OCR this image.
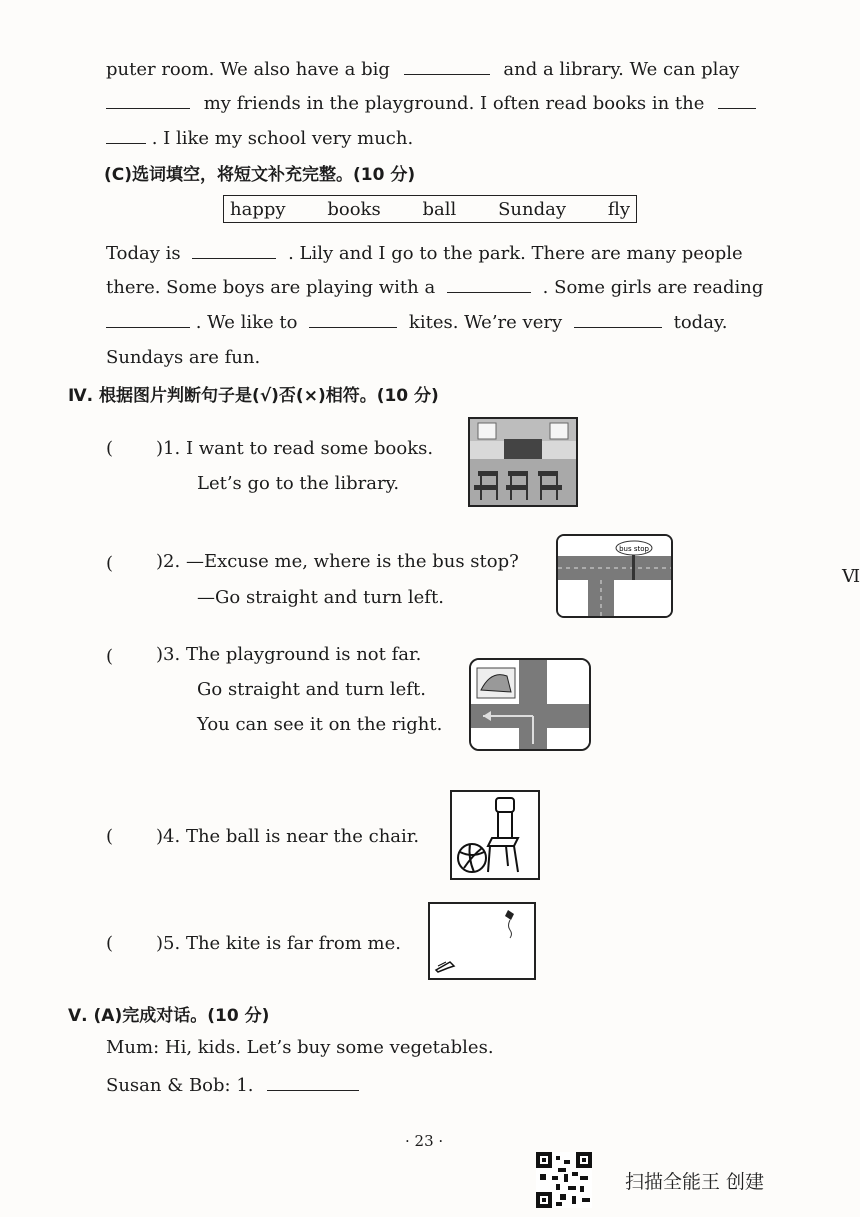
puter room. We also have a big	and a library. We can play
my friends in the playground. I often read books in the
. I like my school very much.
(C)选词填空，将短文补充完整。(10 分)
happy books ball Sunday fly
Today is	. Lily and I go to the park. There are many people
there. Some boys are playing with a	. Some girls are reading
. We like to	kites. We’re very	today.
Sundays are fun.
Ⅳ. 根据图片判断句子是(√)否(×)相符。(10 分)
( )1. I want to read some books.
Let’s go to the library.
( )2. —Excuse me, where is the bus stop?
—Go straight and turn left.
bus stop
( )3. The playground is not far.
Go straight and turn left.
You can see it on the right.
( )4. The ball is near the chair.
( )5. The kite is far from me.
Ⅴ. (A)完成对话。(10 分)
Mum: Hi, kids. Let’s buy some vegetables.
Susan & Bob: 1.
· 23 ·
Ⅵ
扫描全能王 创建
